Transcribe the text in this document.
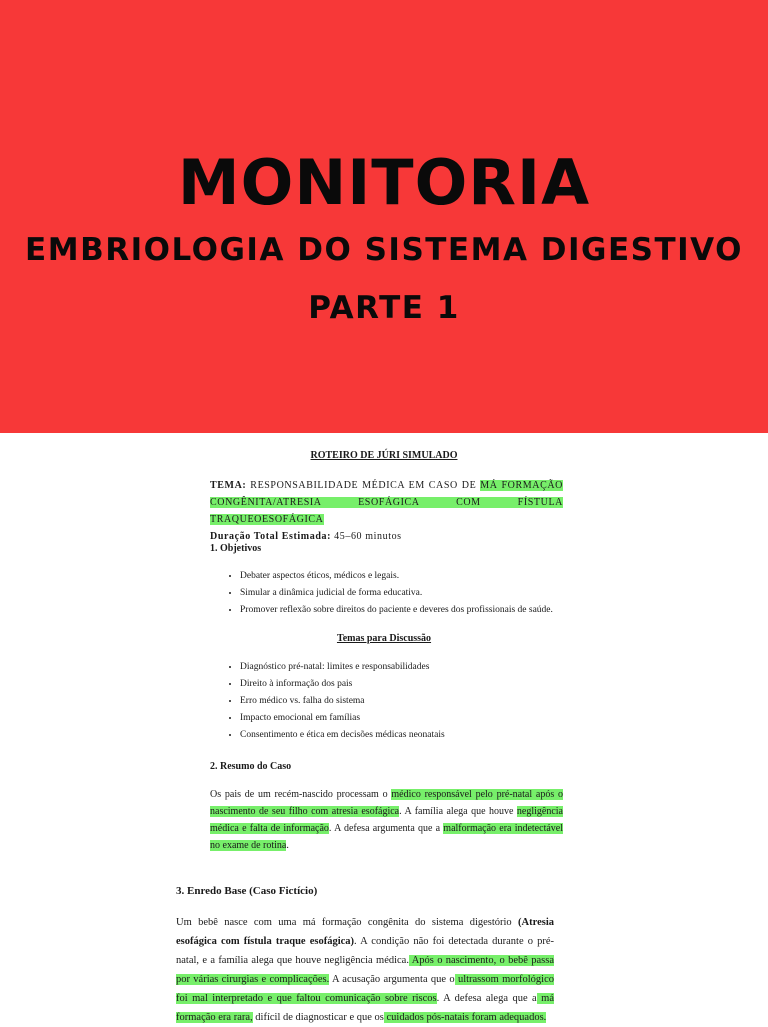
MONITORIA
EMBRIOLOGIA DO SISTEMA DIGESTIVO
PARTE 1
ROTEIRO DE JÚRI SIMULADO
TEMA: RESPONSABILIDADE MÉDICA EM CASO DE MÁ FORMAÇÃO CONGÊNITA/ATRESIA ESOFÁGICA COM FÍSTULA TRAQUEOESOFÁGICA
Duração Total Estimada: 45–60 minutos
1. Objetivos
• Debater aspectos éticos, médicos e legais.
• Simular a dinâmica judicial de forma educativa.
• Promover reflexão sobre direitos do paciente e deveres dos profissionais de saúde.
Temas para Discussão
• Diagnóstico pré-natal: limites e responsabilidades
• Direito à informação dos pais
• Erro médico vs. falha do sistema
• Impacto emocional em famílias
• Consentimento e ética em decisões médicas neonatais
2. Resumo do Caso
Os pais de um recém-nascido processam o médico responsável pelo pré-natal após o nascimento de seu filho com atresia esofágica. A família alega que houve negligência médica e falta de informação. A defesa argumenta que a malformação era indetectável no exame de rotina.
3. Enredo Base (Caso Fictício)
Um bebê nasce com uma má formação congênita do sistema digestório (Atresia esofágica com fístula traque esofágica). A condição não foi detectada durante o pré-natal, e a família alega que houve negligência médica. Após o nascimento, o bebê passa por várias cirurgias e complicações. A acusação argumenta que o ultrassom morfológico foi mal interpretado e que faltou comunicação sobre riscos. A defesa alega que a má formação era rara, difícil de diagnosticar e que os cuidados pós-natais foram adequados.
